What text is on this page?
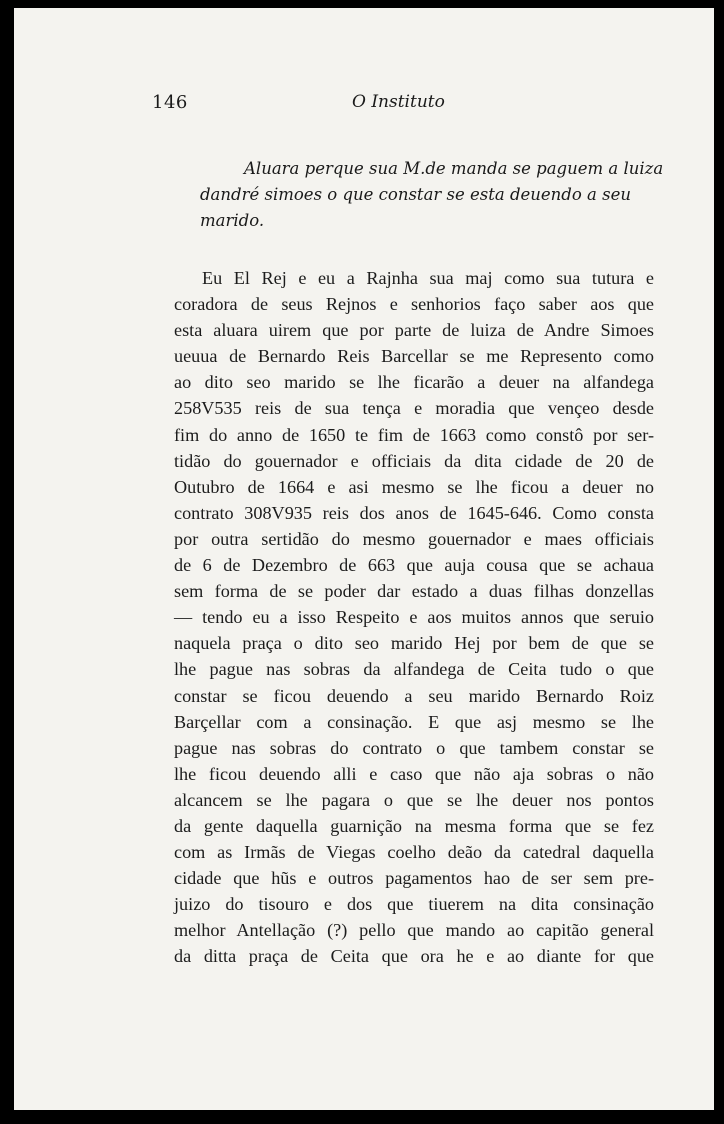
146	O Instituto
Aluara perque sua M.de manda se paguem a luiza
dandré simoes o que constar se esta deuendo a seu
marido.
Eu El Rej e eu a Rajnha sua maj como sua tutura e
coradora de seus Rejnos e senhorios faço saber aos que
esta aluara uirem que por parte de luiza de Andre Simoes
ueuua de Bernardo Reis Barcellar se me Represento como
ao dito seo marido se lhe ficarão a deuer na alfandega
258V535 reis de sua tença e moradia que vençeo desde
fim do anno de 1650 te fim de 1663 como constô por ser-
tidão do gouernador e officiais da dita cidade de 20 de
Outubro de 1664 e asi mesmo se lhe ficou a deuer no
contrato 308V935 reis dos anos de 1645-646. Como consta
por outra sertidão do mesmo gouernador e maes officiais
de 6 de Dezembro de 663 que auja cousa que se achaua
sem forma de se poder dar estado a duas filhas donzellas
— tendo eu a isso Respeito e aos muitos annos que seruio
naquela praça o dito seo marido Hej por bem de que se
lhe pague nas sobras da alfandega de Ceita tudo o que
constar se ficou deuendo a seu marido Bernardo Roiz
Barçellar com a consinação. E que asj mesmo se lhe
pague nas sobras do contrato o que tambem constar se
lhe ficou deuendo alli e caso que não aja sobras o não
alcancem se lhe pagara o que se lhe deuer nos pontos
da gente daquella guarnição na mesma forma que se fez
com as Irmãs de Viegas coelho deão da catedral daquella
cidade que hũs e outros pagamentos hao de ser sem pre-
juizo do tisouro e dos que tiuerem na dita consinação
melhor Antellação (?) pello que mando ao capitão general
da ditta praça de Ceita que ora he e ao diante for que
